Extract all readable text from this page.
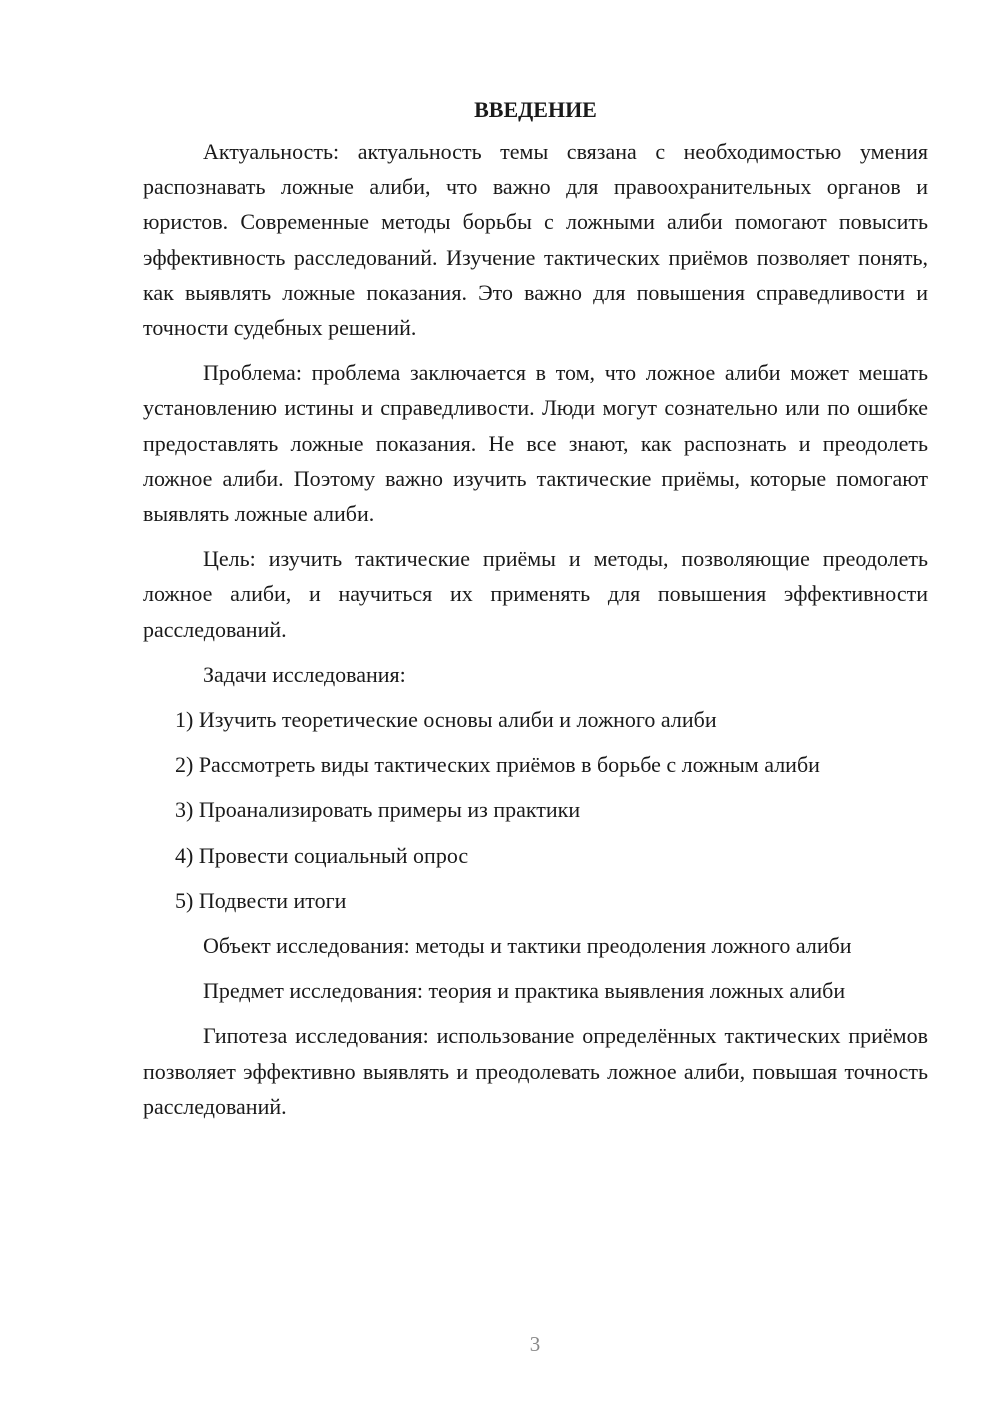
ВВЕДЕНИЕ

Актуальность: актуальность темы связана с необходимостью умения распознавать ложные алиби, что важно для правоохранительных органов и юристов. Современные методы борьбы с ложными алиби помогают повысить эффективность расследований. Изучение тактических приёмов позволяет понять, как выявлять ложные показания. Это важно для повышения справедливости и точности судебных решений.

Проблема: проблема заключается в том, что ложное алиби может мешать установлению истины и справедливости. Люди могут сознательно или по ошибке предоставлять ложные показания. Не все знают, как распознать и преодолеть ложное алиби. Поэтому важно изучить тактические приёмы, которые помогают выявлять ложные алиби.

Цель: изучить тактические приёмы и методы, позволяющие преодолеть ложное алиби, и научиться их применять для повышения эффективности расследований.

Задачи исследования:

1) Изучить теоретические основы алиби и ложного алиби
2) Рассмотреть виды тактических приёмов в борьбе с ложным алиби
3) Проанализировать примеры из практики
4) Провести социальный опрос
5) Подвести итоги

Объект исследования: методы и тактики преодоления ложного алиби

Предмет исследования: теория и практика выявления ложных алиби

Гипотеза исследования: использование определённых тактических приёмов позволяет эффективно выявлять и преодолевать ложное алиби, повышая точность расследований.

3
